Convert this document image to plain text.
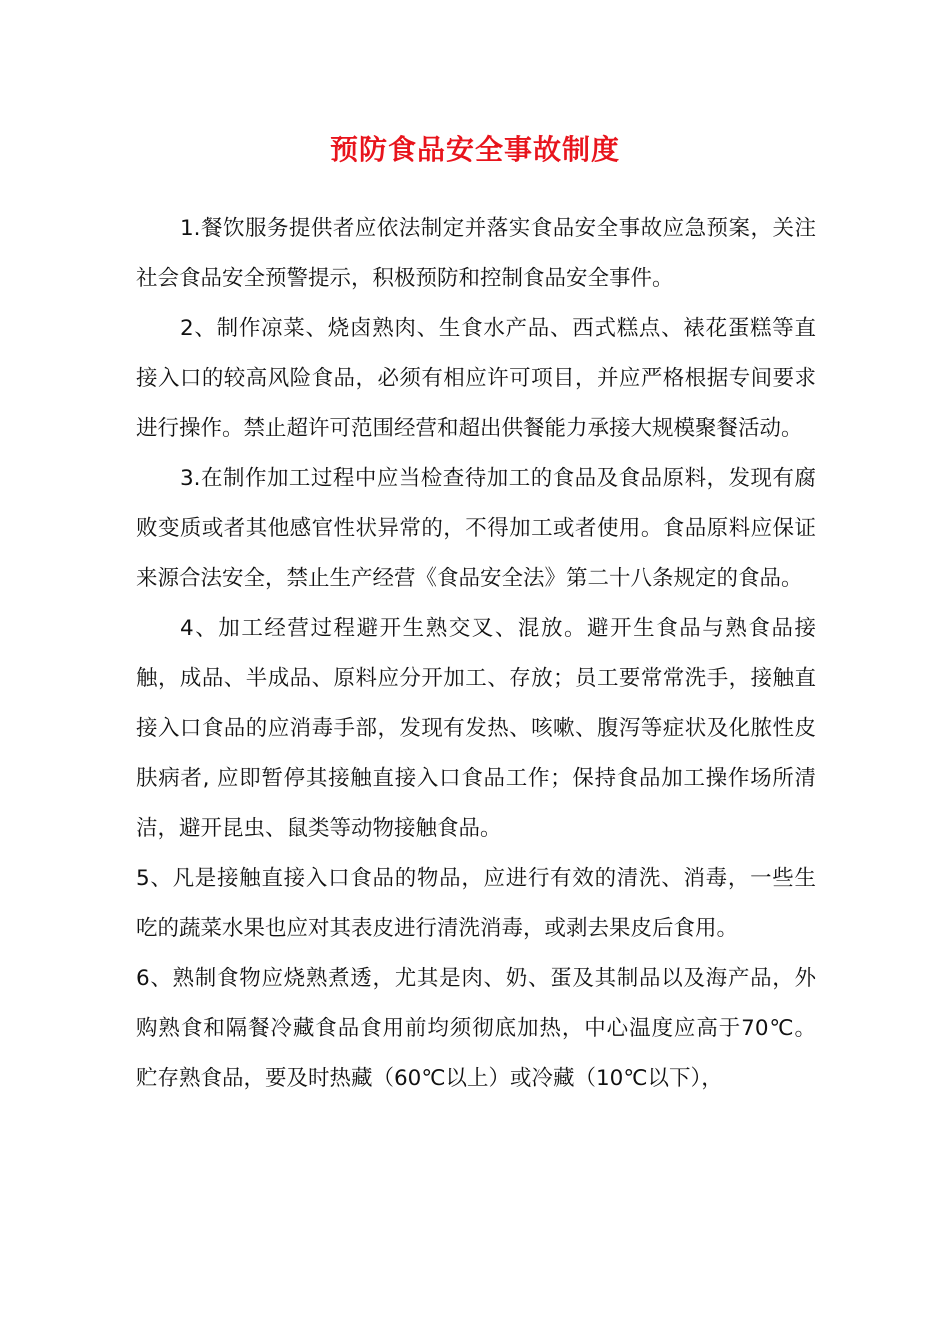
预防食品安全事故制度

1.餐饮服务提供者应依法制定并落实食品安全事故应急预案，关注社会食品安全预警提示，积极预防和控制食品安全事件。

2、制作凉菜、烧卤熟肉、生食水产品、西式糕点、裱花蛋糕等直接入口的较高风险食品，必须有相应许可项目，并应严格根据专间要求进行操作。禁止超许可范围经营和超出供餐能力承接大规模聚餐活动。

3.在制作加工过程中应当检查待加工的食品及食品原料，发现有腐败变质或者其他感官性状异常的，不得加工或者使用。食品原料应保证来源合法安全，禁止生产经营《食品安全法》第二十八条规定的食品。

4、加工经营过程避开生熟交叉、混放。避开生食品与熟食品接触，成品、半成品、原料应分开加工、存放；员工要常常洗手，接触直接入口食品的应消毒手部，发现有发热、咳嗽、腹泻等症状及化脓性皮肤病者, 应即暂停其接触直接入口食品工作；保持食品加工操作场所清洁，避开昆虫、鼠类等动物接触食品。

5、凡是接触直接入口食品的物品，应进行有效的清洗、消毒，一些生吃的蔬菜水果也应对其表皮进行清洗消毒，或剥去果皮后食用。

6、熟制食物应烧熟煮透，尤其是肉、奶、蛋及其制品以及海产品，外购熟食和隔餐冷藏食品食用前均须彻底加热，中心温度应高于70℃。 贮存熟食品，要及时热藏（60℃以上）或冷藏（10℃以下），
